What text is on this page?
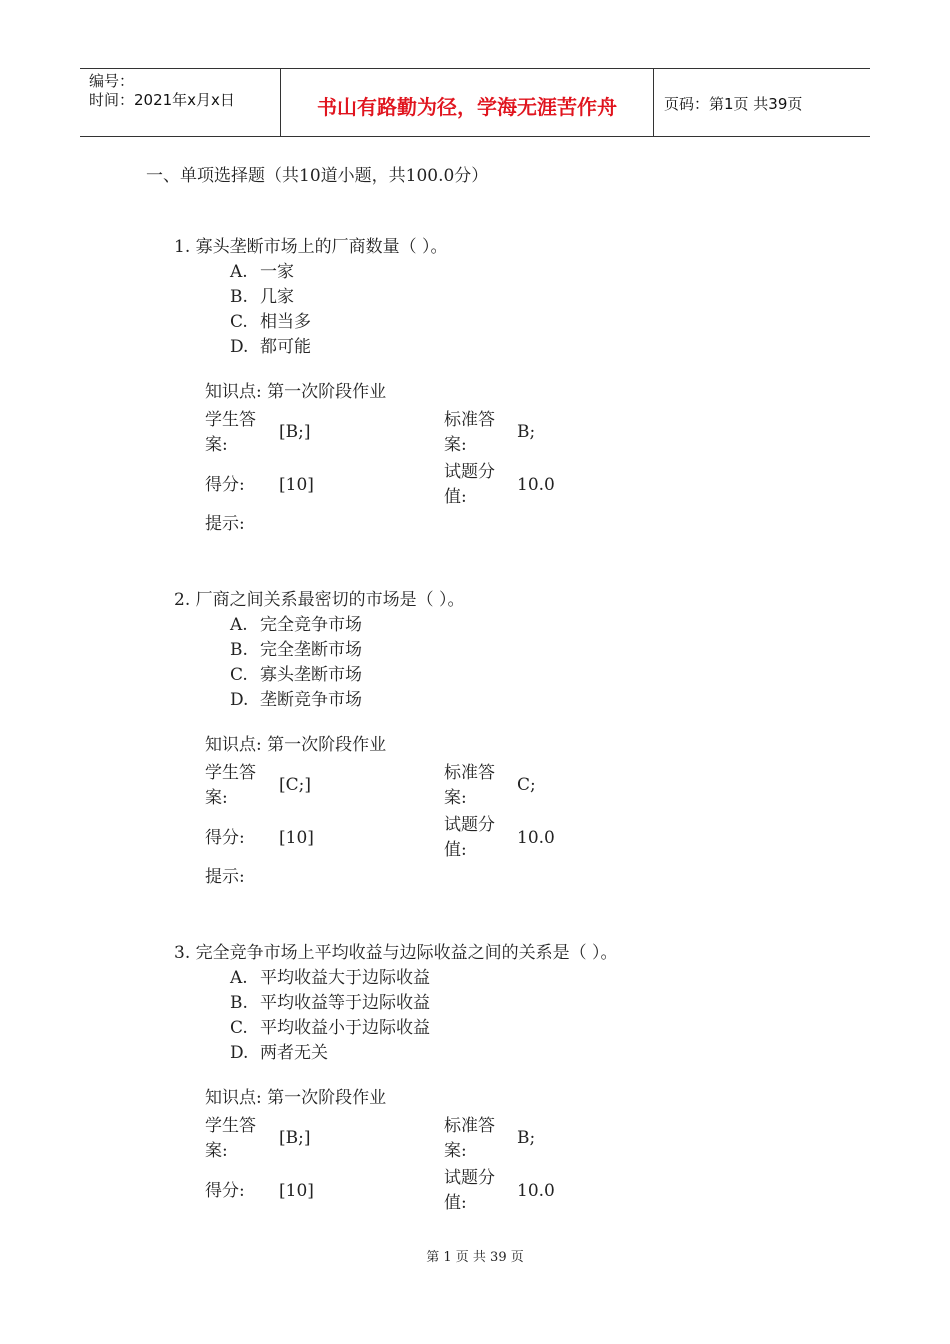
编号：
时间：2021年x月x日	书山有路勤为径，学海无涯苦作舟	页码：第1页 共39页
一、单项选择题（共10道小题，共100.0分）
1. 寡头垄断市场上的厂商数量（ ）。
A. 一家
B. 几家
C. 相当多
D. 都可能
知识点: 第一次阶段作业
学生答
案:
[B;]
标准答
案:
B;
得分: [10]
试题分
值:
10.0
提示:
2. 厂商之间关系最密切的市场是（ ）。
A. 完全竞争市场
B. 完全垄断市场
C. 寡头垄断市场
D. 垄断竞争市场
知识点: 第一次阶段作业
学生答
案:
[C;]
标准答
案:
C;
得分: [10]
试题分
值:
10.0
提示:
3. 完全竞争市场上平均收益与边际收益之间的关系是（ ）。
A. 平均收益大于边际收益
B. 平均收益等于边际收益
C. 平均收益小于边际收益
D. 两者无关
知识点: 第一次阶段作业
学生答
案:
[B;]
标准答
案:
B;
得分: [10]
试题分
值:
10.0
第 1 页 共 39 页
